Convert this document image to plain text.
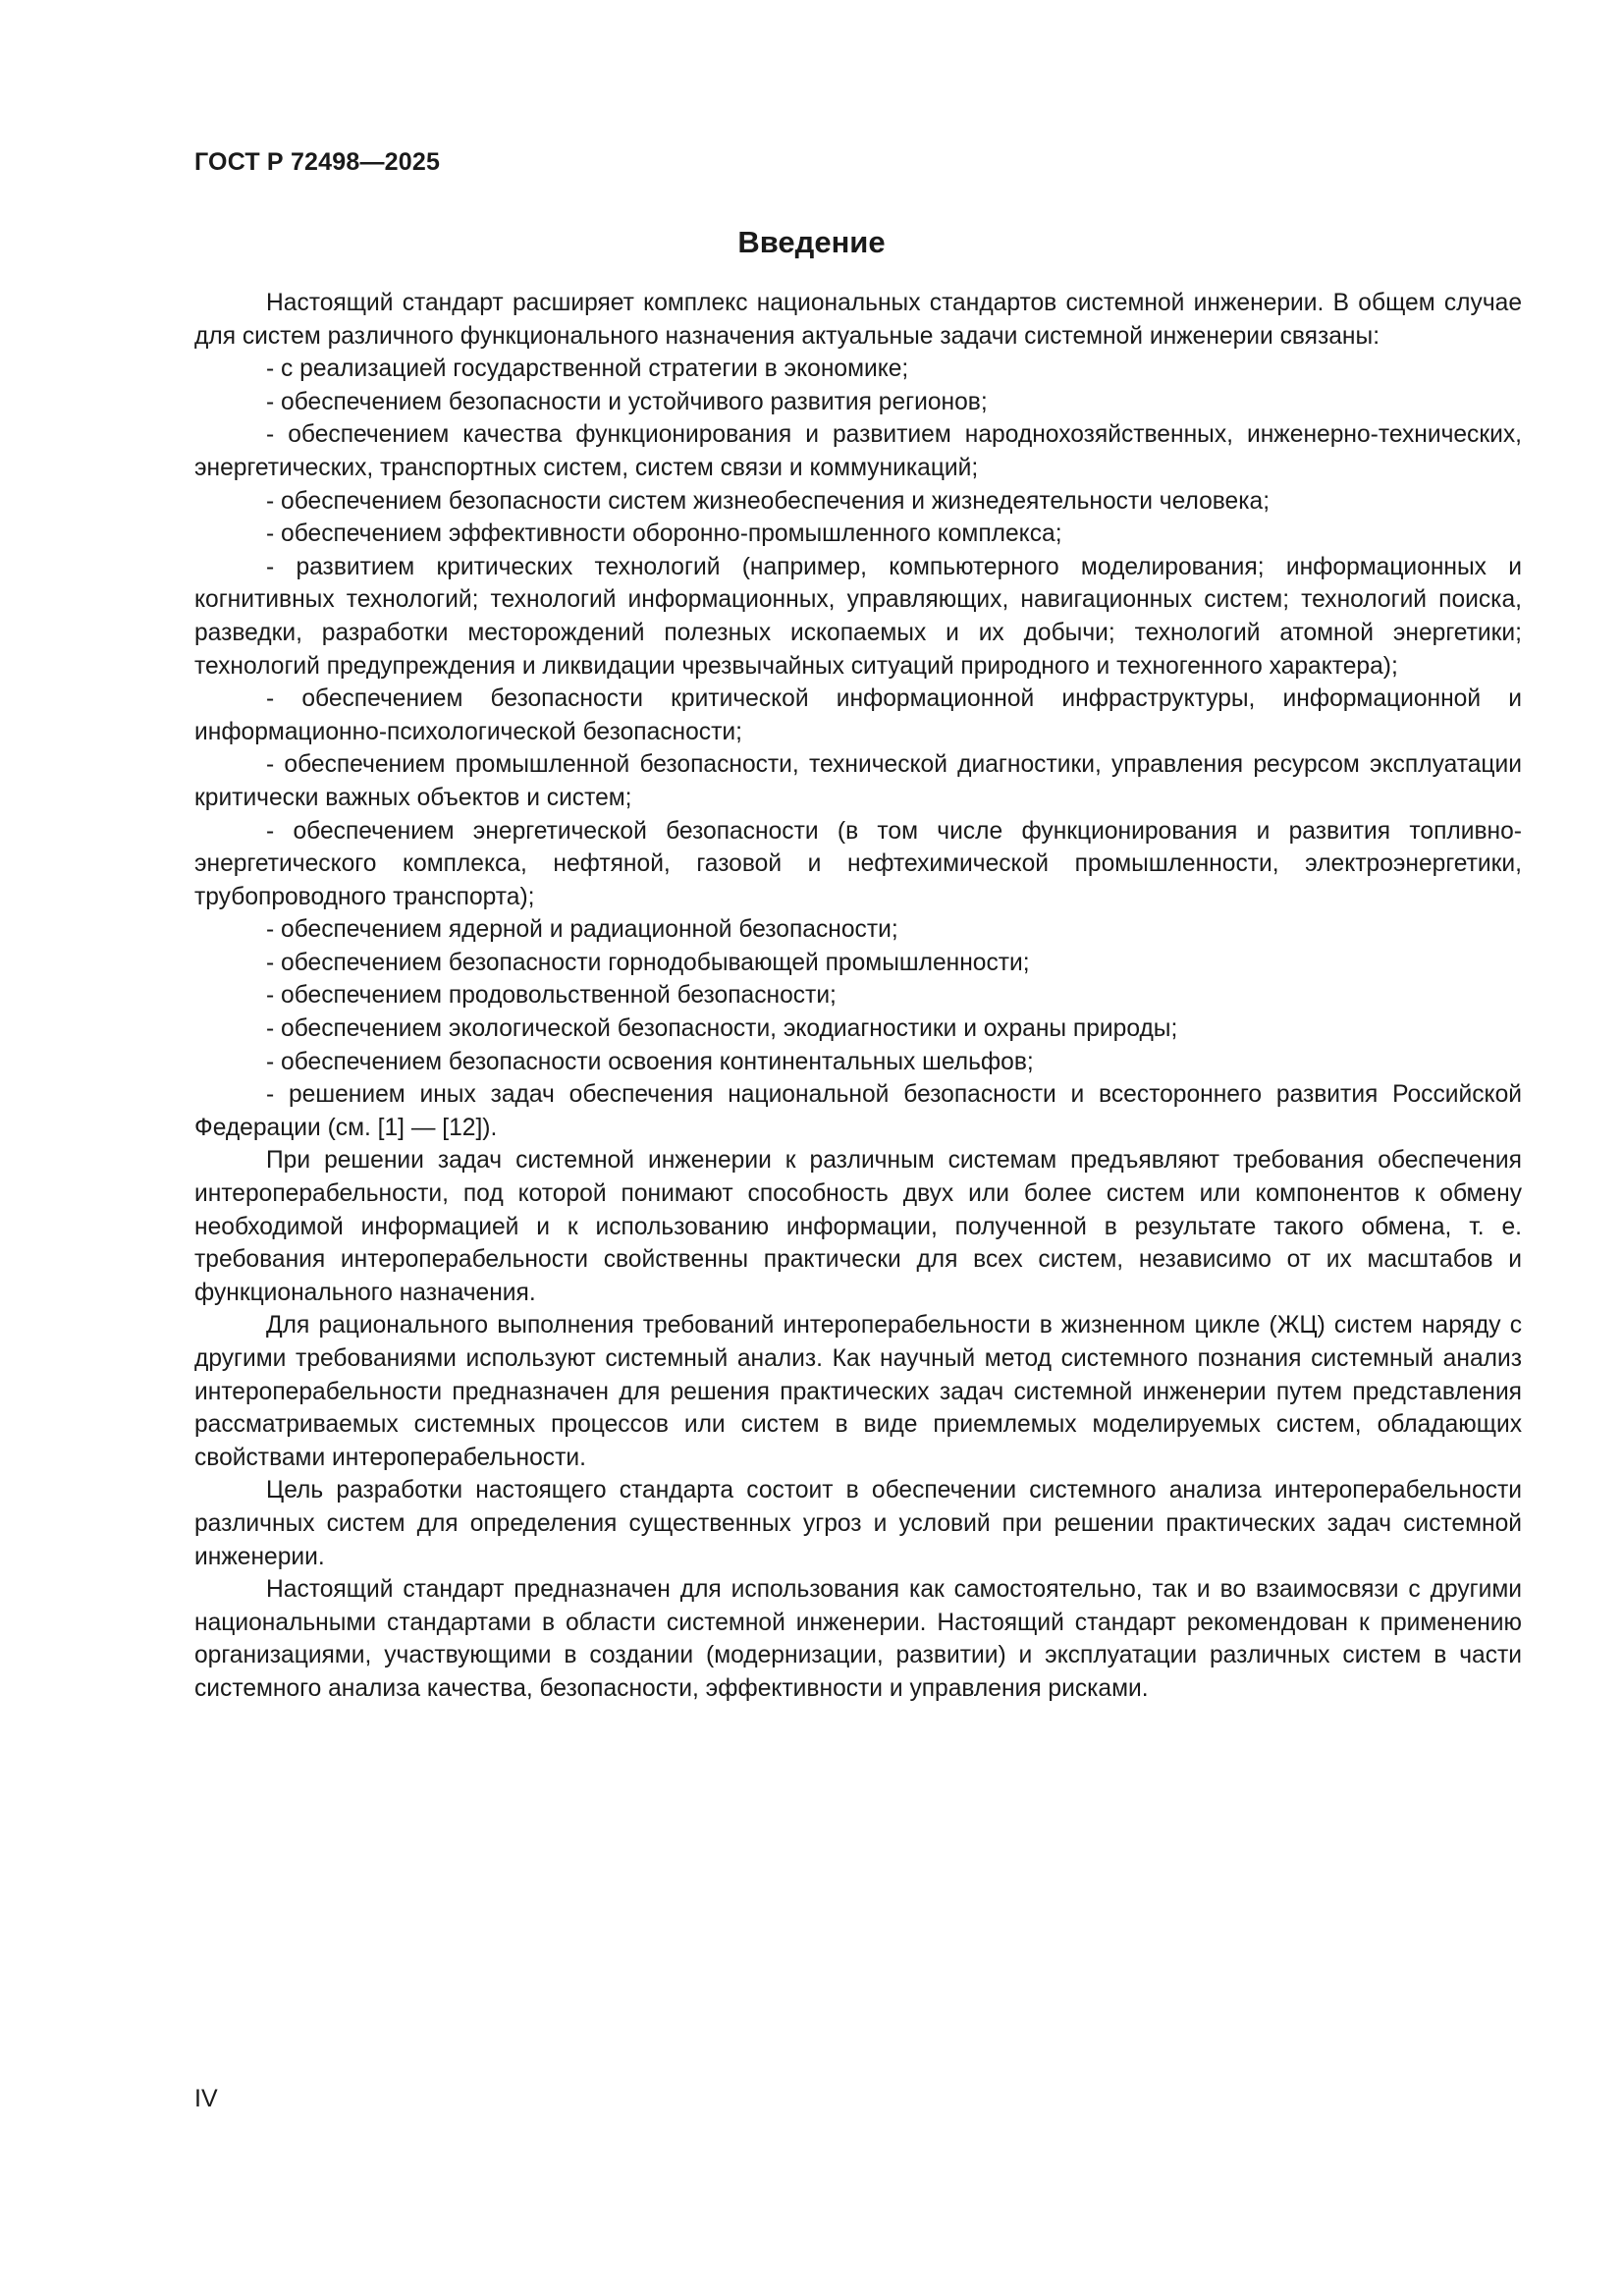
ГОСТ Р 72498—2025
Введение

Настоящий стандарт расширяет комплекс национальных стандартов системной инженерии. В общем случае для систем различного функционального назначения актуальные задачи системной инженерии связаны:

- с реализацией государственной стратегии в экономике;

- обеспечением безопасности и устойчивого развития регионов;

- обеспечением качества функционирования и развитием народнохозяйственных, инженерно-технических, энергетических, транспортных систем, систем связи и коммуникаций;

- обеспечением безопасности систем жизнеобеспечения и жизнедеятельности человека;

- обеспечением эффективности оборонно-промышленного комплекса;

- развитием критических технологий (например, компьютерного моделирования; информационных и когнитивных технологий; технологий информационных, управляющих, навигационных систем; технологий поиска, разведки, разработки месторождений полезных ископаемых и их добычи; технологий атомной энергетики; технологий предупреждения и ликвидации чрезвычайных ситуаций природного и техногенного характера);

- обеспечением безопасности критической информационной инфраструктуры, информационной и информационно-психологической безопасности;

- обеспечением промышленной безопасности, технической диагностики, управления ресурсом эксплуатации критически важных объектов и систем;

- обеспечением энергетической безопасности (в том числе функционирования и развития топливно-энергетического комплекса, нефтяной, газовой и нефтехимической промышленности, электроэнергетики, трубопроводного транспорта);

- обеспечением ядерной и радиационной безопасности;

- обеспечением безопасности горнодобывающей промышленности;

- обеспечением продовольственной безопасности;

- обеспечением экологической безопасности, экодиагностики и охраны природы;

- обеспечением безопасности освоения континентальных шельфов;

- решением иных задач обеспечения национальной безопасности и всестороннего развития Российской Федерации (см. [1] — [12]).

При решении задач системной инженерии к различным системам предъявляют требования обеспечения интероперабельности, под которой понимают способность двух или более систем или компонентов к обмену необходимой информацией и к использованию информации, полученной в результате такого обмена, т. е. требования интероперабельности свойственны практически для всех систем, независимо от их масштабов и функционального назначения.

Для рационального выполнения требований интероперабельности в жизненном цикле (ЖЦ) систем наряду с другими требованиями используют системный анализ. Как научный метод системного познания системный анализ интероперабельности предназначен для решения практических задач системной инженерии путем представления рассматриваемых системных процессов или систем в виде приемлемых моделируемых систем, обладающих свойствами интероперабельности.

Цель разработки настоящего стандарта состоит в обеспечении системного анализа интероперабельности различных систем для определения существенных угроз и условий при решении практических задач системной инженерии.

Настоящий стандарт предназначен для использования как самостоятельно, так и во взаимосвязи с другими национальными стандартами в области системной инженерии. Настоящий стандарт рекомендован к применению организациями, участвующими в создании (модернизации, развитии) и эксплуатации различных систем в части системного анализа качества, безопасности, эффективности и управления рисками.

IV
